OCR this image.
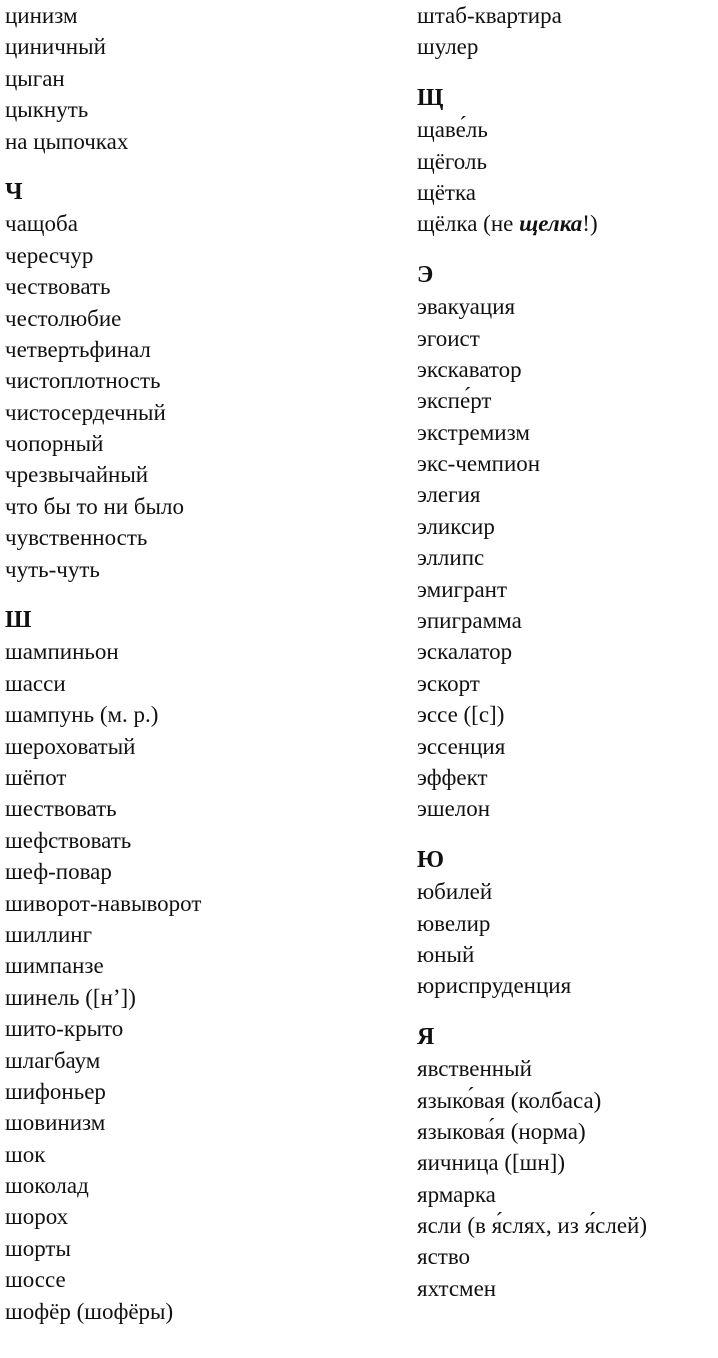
цинизм
циничный
цыган
цыкнуть
на цыпочках
Ч
чащоба
чересчур
чествовать
честолюбие
четвертьфинал
чистоплотность
чистосердечный
чопорный
чрезвычайный
что бы то ни было
чувственность
чуть-чуть
Ш
шампиньон
шасси
шампунь (м. р.)
шероховатый
шёпот
шествовать
шефствовать
шеф-повар
шиворот-навыворот
шиллинг
шимпанзе
шинель ([н’])
шито-крыто
шлагбаум
шифоньер
шовинизм
шок
шоколад
шорох
шорты
шоссе
шофёр (шофёры)
штаб-квартира
шулер
Щ
щаве́ль
щёголь
щётка
щёлка (не щелка!)
Э
эвакуация
эгоист
экскаватор
экспе́рт
экстремизм
экс-чемпион
элегия
эликсир
эллипс
эмигрант
эпиграмма
эскалатор
эскорт
эссе ([с])
эссенция
эффект
эшелон
Ю
юбилей
ювелир
юный
юриспруденция
Я
явственный
языко́вая (колбаса)
языкова́я (норма)
яичница ([шн])
ярмарка
ясли (в я́слях, из я́слей)
яство
яхтсмен
